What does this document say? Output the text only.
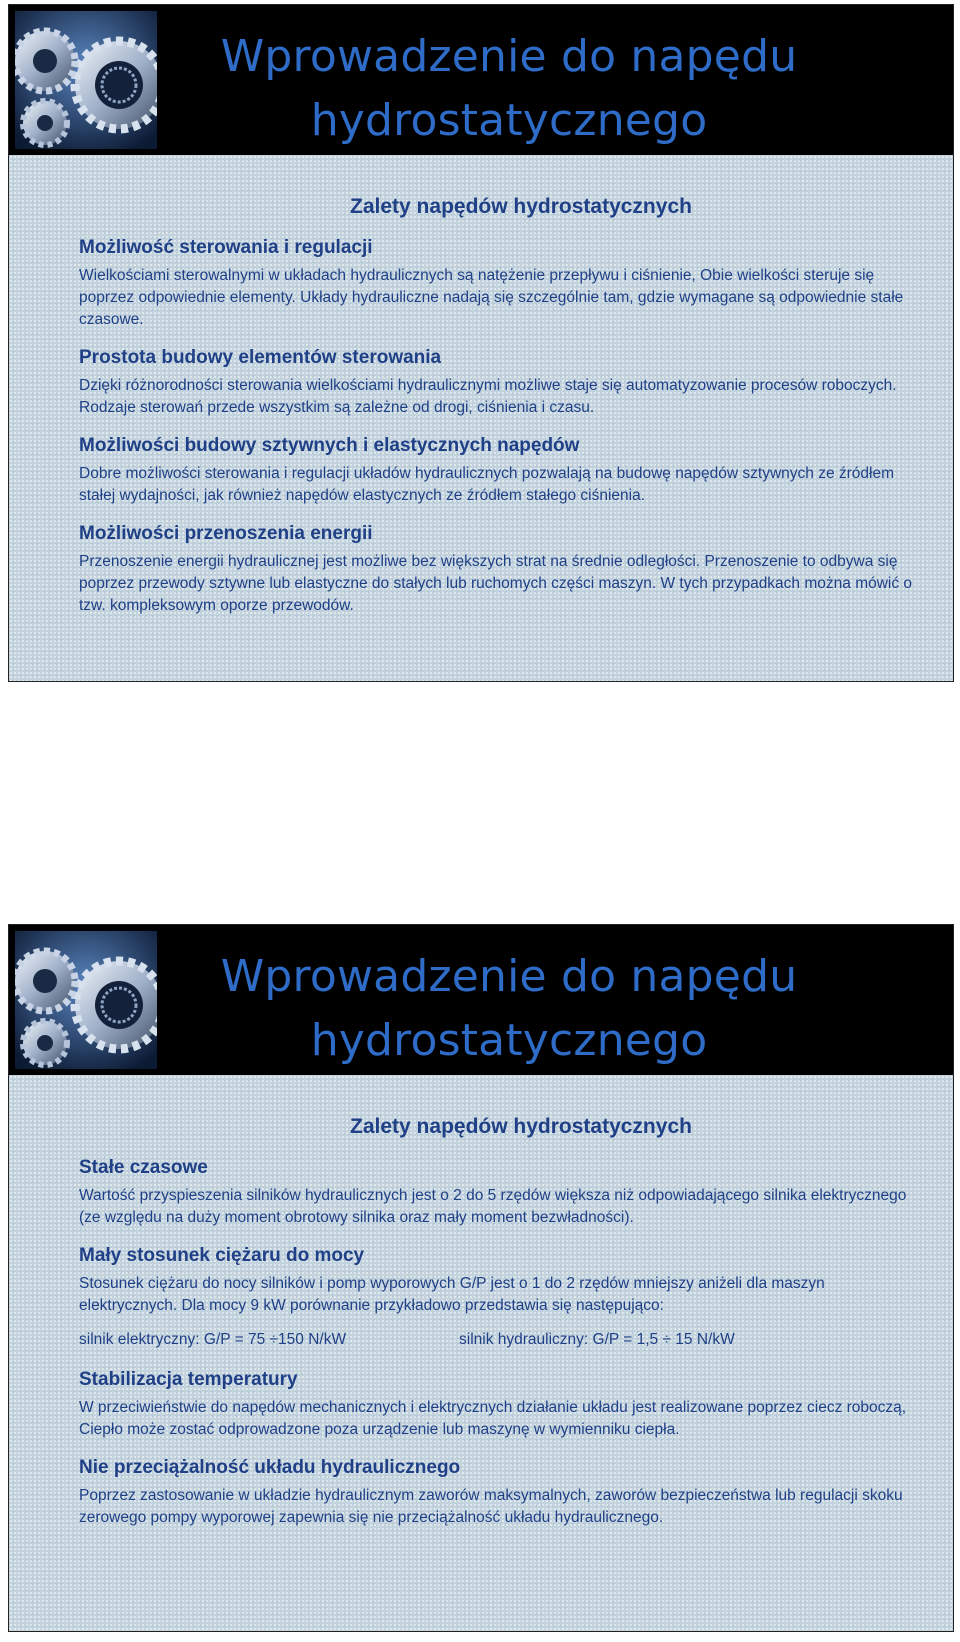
Wprowadzenie do napędu
hydrostatycznego
Zalety napędów hydrostatycznych
Możliwość sterowania i regulacji

Wielkościami sterowalnymi w układach hydraulicznych są natężenie przepływu i ciśnienie, Obie wielkości steruje się poprzez odpowiednie elementy. Układy hydrauliczne nadają się szczególnie tam, gdzie wymagane są odpowiednie stałe czasowe.

Prostota budowy elementów sterowania

Dzięki różnorodności sterowania wielkościami hydraulicznymi możliwe staje się automatyzowanie procesów roboczych. Rodzaje sterowań przede wszystkim są zależne od drogi, ciśnienia i czasu.

Możliwości budowy sztywnych i elastycznych napędów

Dobre możliwości sterowania i regulacji układów hydraulicznych pozwalają na budowę napędów sztywnych ze źródłem stałej wydajności, jak również napędów elastycznych ze źródłem stałego ciśnienia.

Możliwości przenoszenia energii

Przenoszenie energii hydraulicznej jest możliwe bez większych strat na średnie odległości. Przenoszenie to odbywa się poprzez przewody sztywne lub elastyczne do stałych lub ruchomych części maszyn. W tych przypadkach można mówić o tzw. kompleksowym oporze przewodów.

Wprowadzenie do napędu
hydrostatycznego
Zalety napędów hydrostatycznych
Stałe czasowe

Wartość przyspieszenia silników hydraulicznych jest o 2 do 5 rzędów większa niż odpowiadającego silnika elektrycznego (ze względu na duży moment obrotowy silnika oraz mały moment bezwładności).

Mały stosunek ciężaru do mocy

Stosunek ciężaru do nocy silników i pomp wyporowych G/P jest o 1 do 2 rzędów mniejszy aniżeli dla maszyn elektrycznych. Dla mocy 9 kW porównanie przykładowo przedstawia się następująco:

silnik elektryczny: G/P = 75 ÷150 N/kW	silnik hydrauliczny: G/P = 1,5 ÷ 15 N/kW
Stabilizacja temperatury

W przeciwieństwie do napędów mechanicznych i elektrycznych działanie układu jest realizowane poprzez ciecz roboczą, Ciepło może zostać odprowadzone poza urządzenie lub maszynę w wymienniku ciepła.

Nie przeciążalność układu hydraulicznego

Poprzez zastosowanie w układzie hydraulicznym zaworów maksymalnych, zaworów bezpieczeństwa lub regulacji skoku zerowego pompy wyporowej zapewnia się nie przeciążalność układu hydraulicznego.
